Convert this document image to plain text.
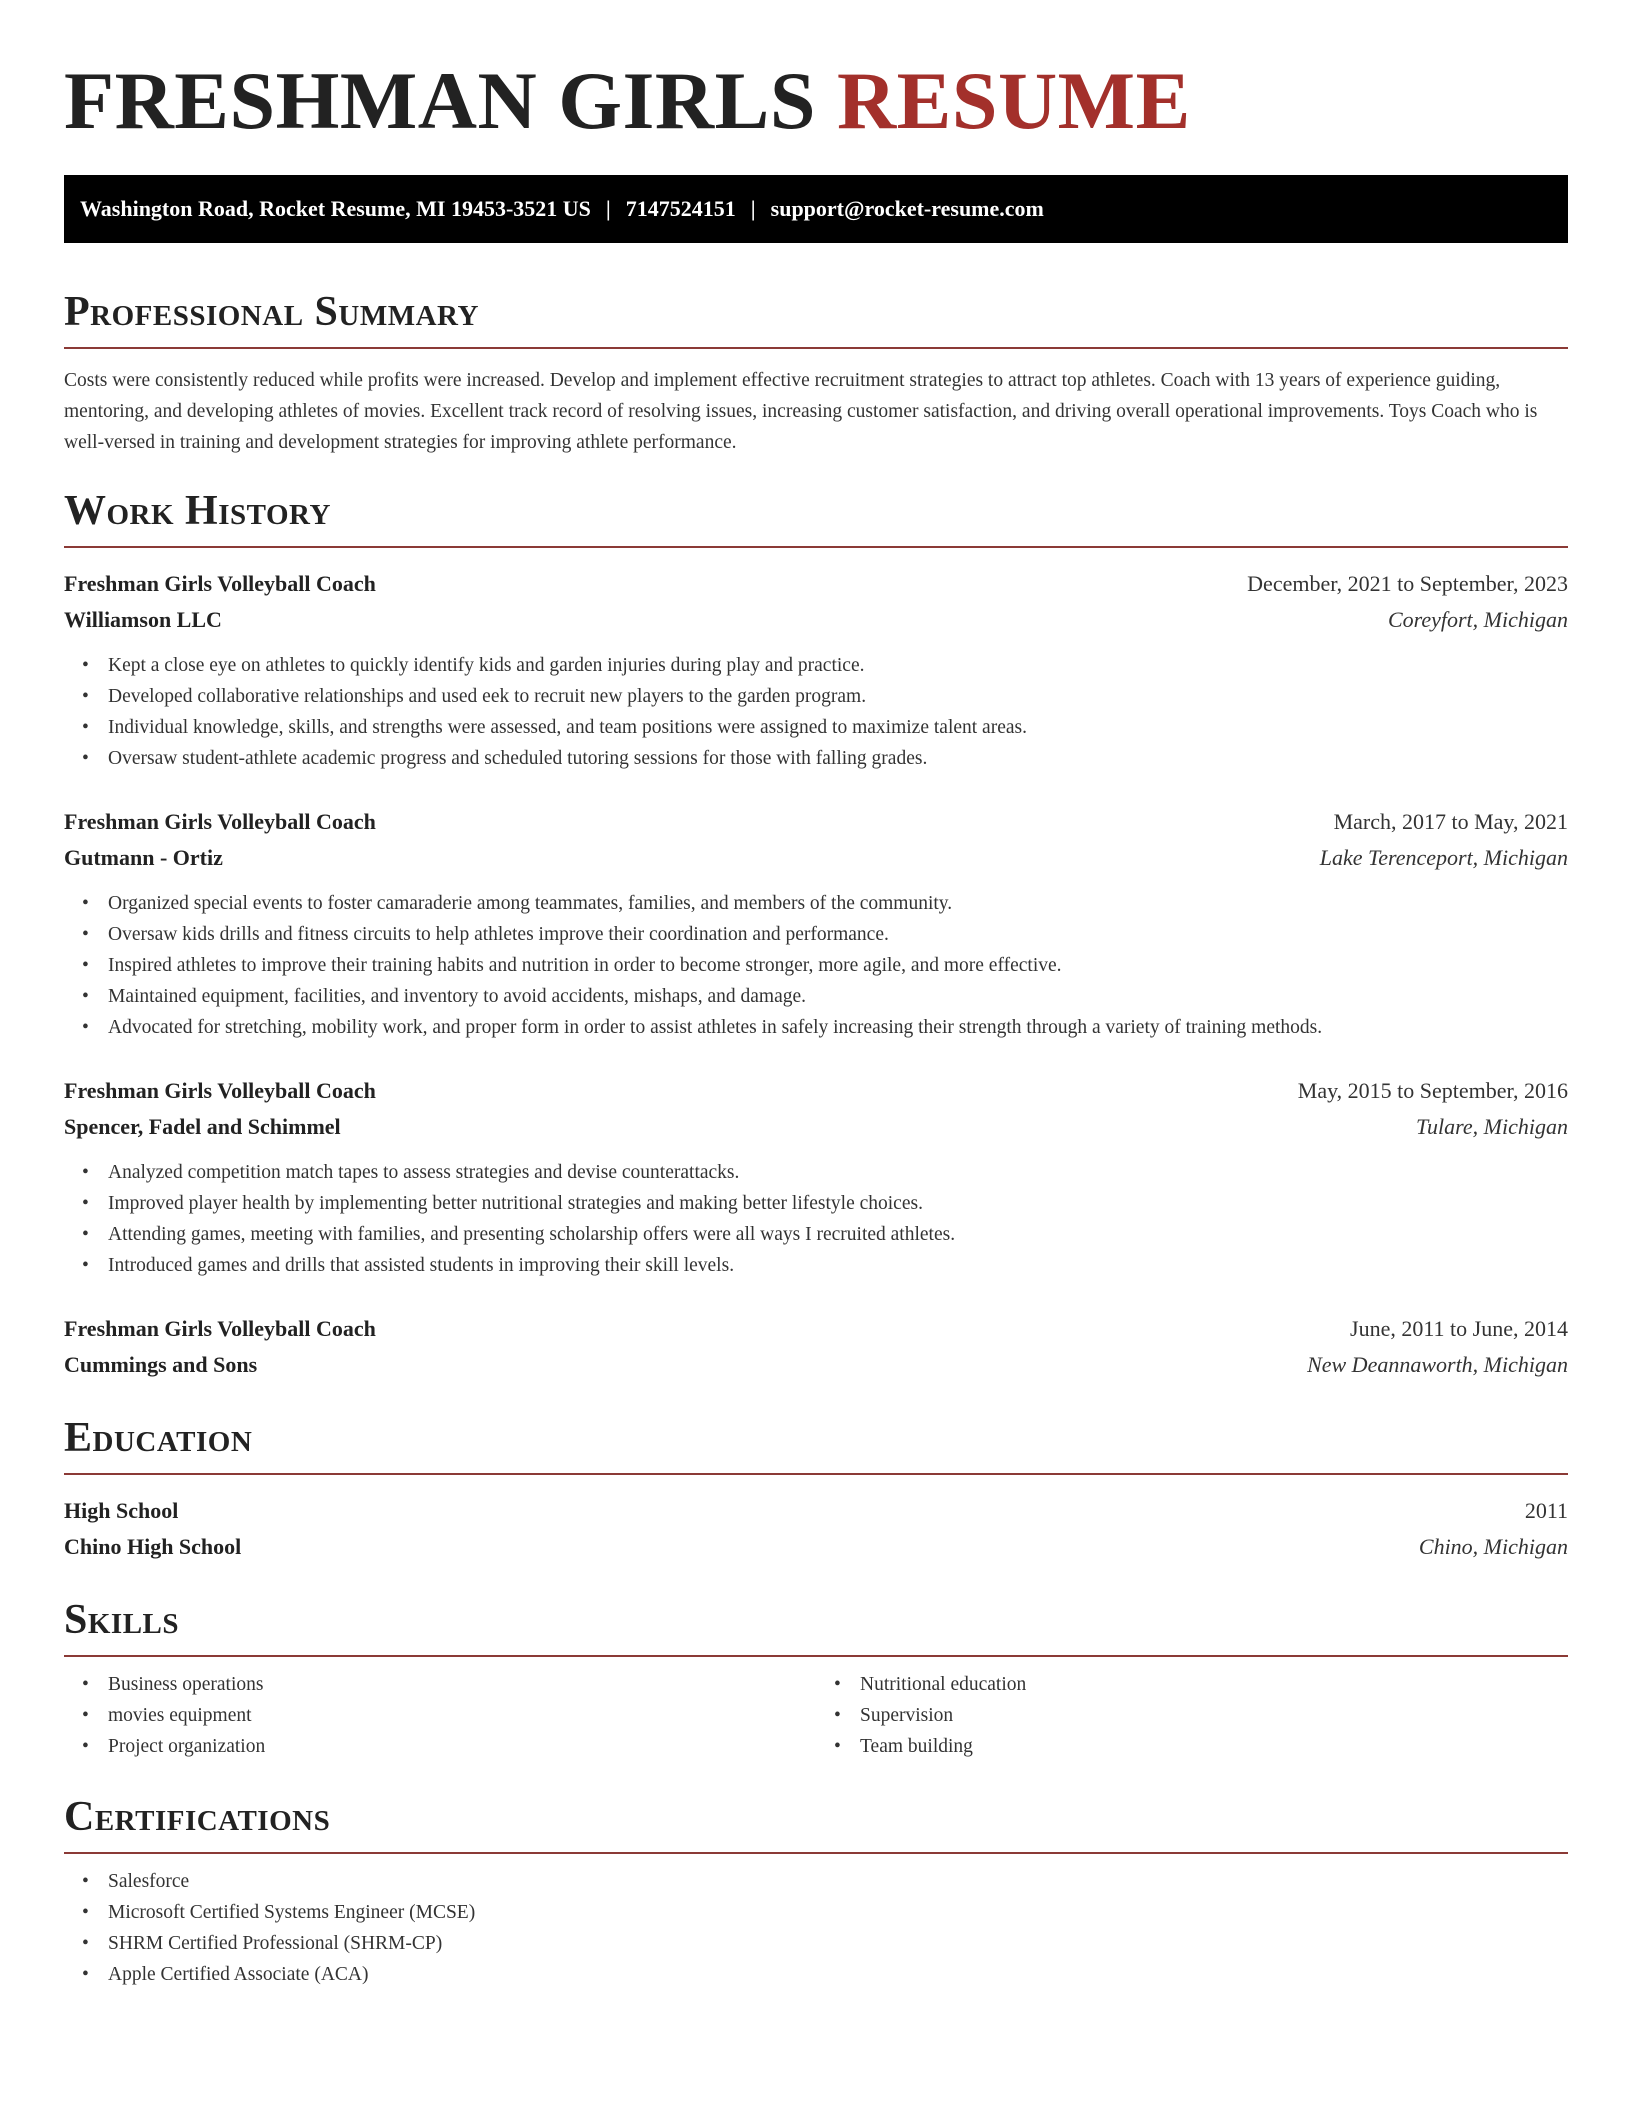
FRESHMAN GIRLS RESUME
Washington Road, Rocket Resume, MI 19453-3521 US | 7147524151 | support@rocket-resume.com
Professional Summary

Costs were consistently reduced while profits were increased. Develop and implement effective recruitment strategies to attract top athletes. Coach with 13 years of experience guiding, mentoring, and developing athletes of movies. Excellent track record of resolving issues, increasing customer satisfaction, and driving overall operational improvements. Toys Coach who is well-versed in training and development strategies for improving athlete performance.

Work History
Freshman Girls Volleyball Coach	December, 2021 to September, 2023
Williamson LLC	Coreyfort, Michigan
• Kept a close eye on athletes to quickly identify kids and garden injuries during play and practice.
• Developed collaborative relationships and used eek to recruit new players to the garden program.
• Individual knowledge, skills, and strengths were assessed, and team positions were assigned to maximize talent areas.
• Oversaw student-athlete academic progress and scheduled tutoring sessions for those with falling grades.
Freshman Girls Volleyball Coach	March, 2017 to May, 2021
Gutmann - Ortiz	Lake Terenceport, Michigan
• Organized special events to foster camaraderie among teammates, families, and members of the community.
• Oversaw kids drills and fitness circuits to help athletes improve their coordination and performance.
• Inspired athletes to improve their training habits and nutrition in order to become stronger, more agile, and more effective.
• Maintained equipment, facilities, and inventory to avoid accidents, mishaps, and damage.
• Advocated for stretching, mobility work, and proper form in order to assist athletes in safely increasing their strength through a variety of training methods.
Freshman Girls Volleyball Coach	May, 2015 to September, 2016
Spencer, Fadel and Schimmel	Tulare, Michigan
• Analyzed competition match tapes to assess strategies and devise counterattacks.
• Improved player health by implementing better nutritional strategies and making better lifestyle choices.
• Attending games, meeting with families, and presenting scholarship offers were all ways I recruited athletes.
• Introduced games and drills that assisted students in improving their skill levels.
Freshman Girls Volleyball Coach	June, 2011 to June, 2014
Cummings and Sons	New Deannaworth, Michigan
Education
High School	2011
Chino High School	Chino, Michigan
Skills
• Business operations
• movies equipment
• Project organization
• Nutritional education
• Supervision
• Team building
Certifications
• Salesforce
• Microsoft Certified Systems Engineer (MCSE)
• SHRM Certified Professional (SHRM-CP)
• Apple Certified Associate (ACA)
